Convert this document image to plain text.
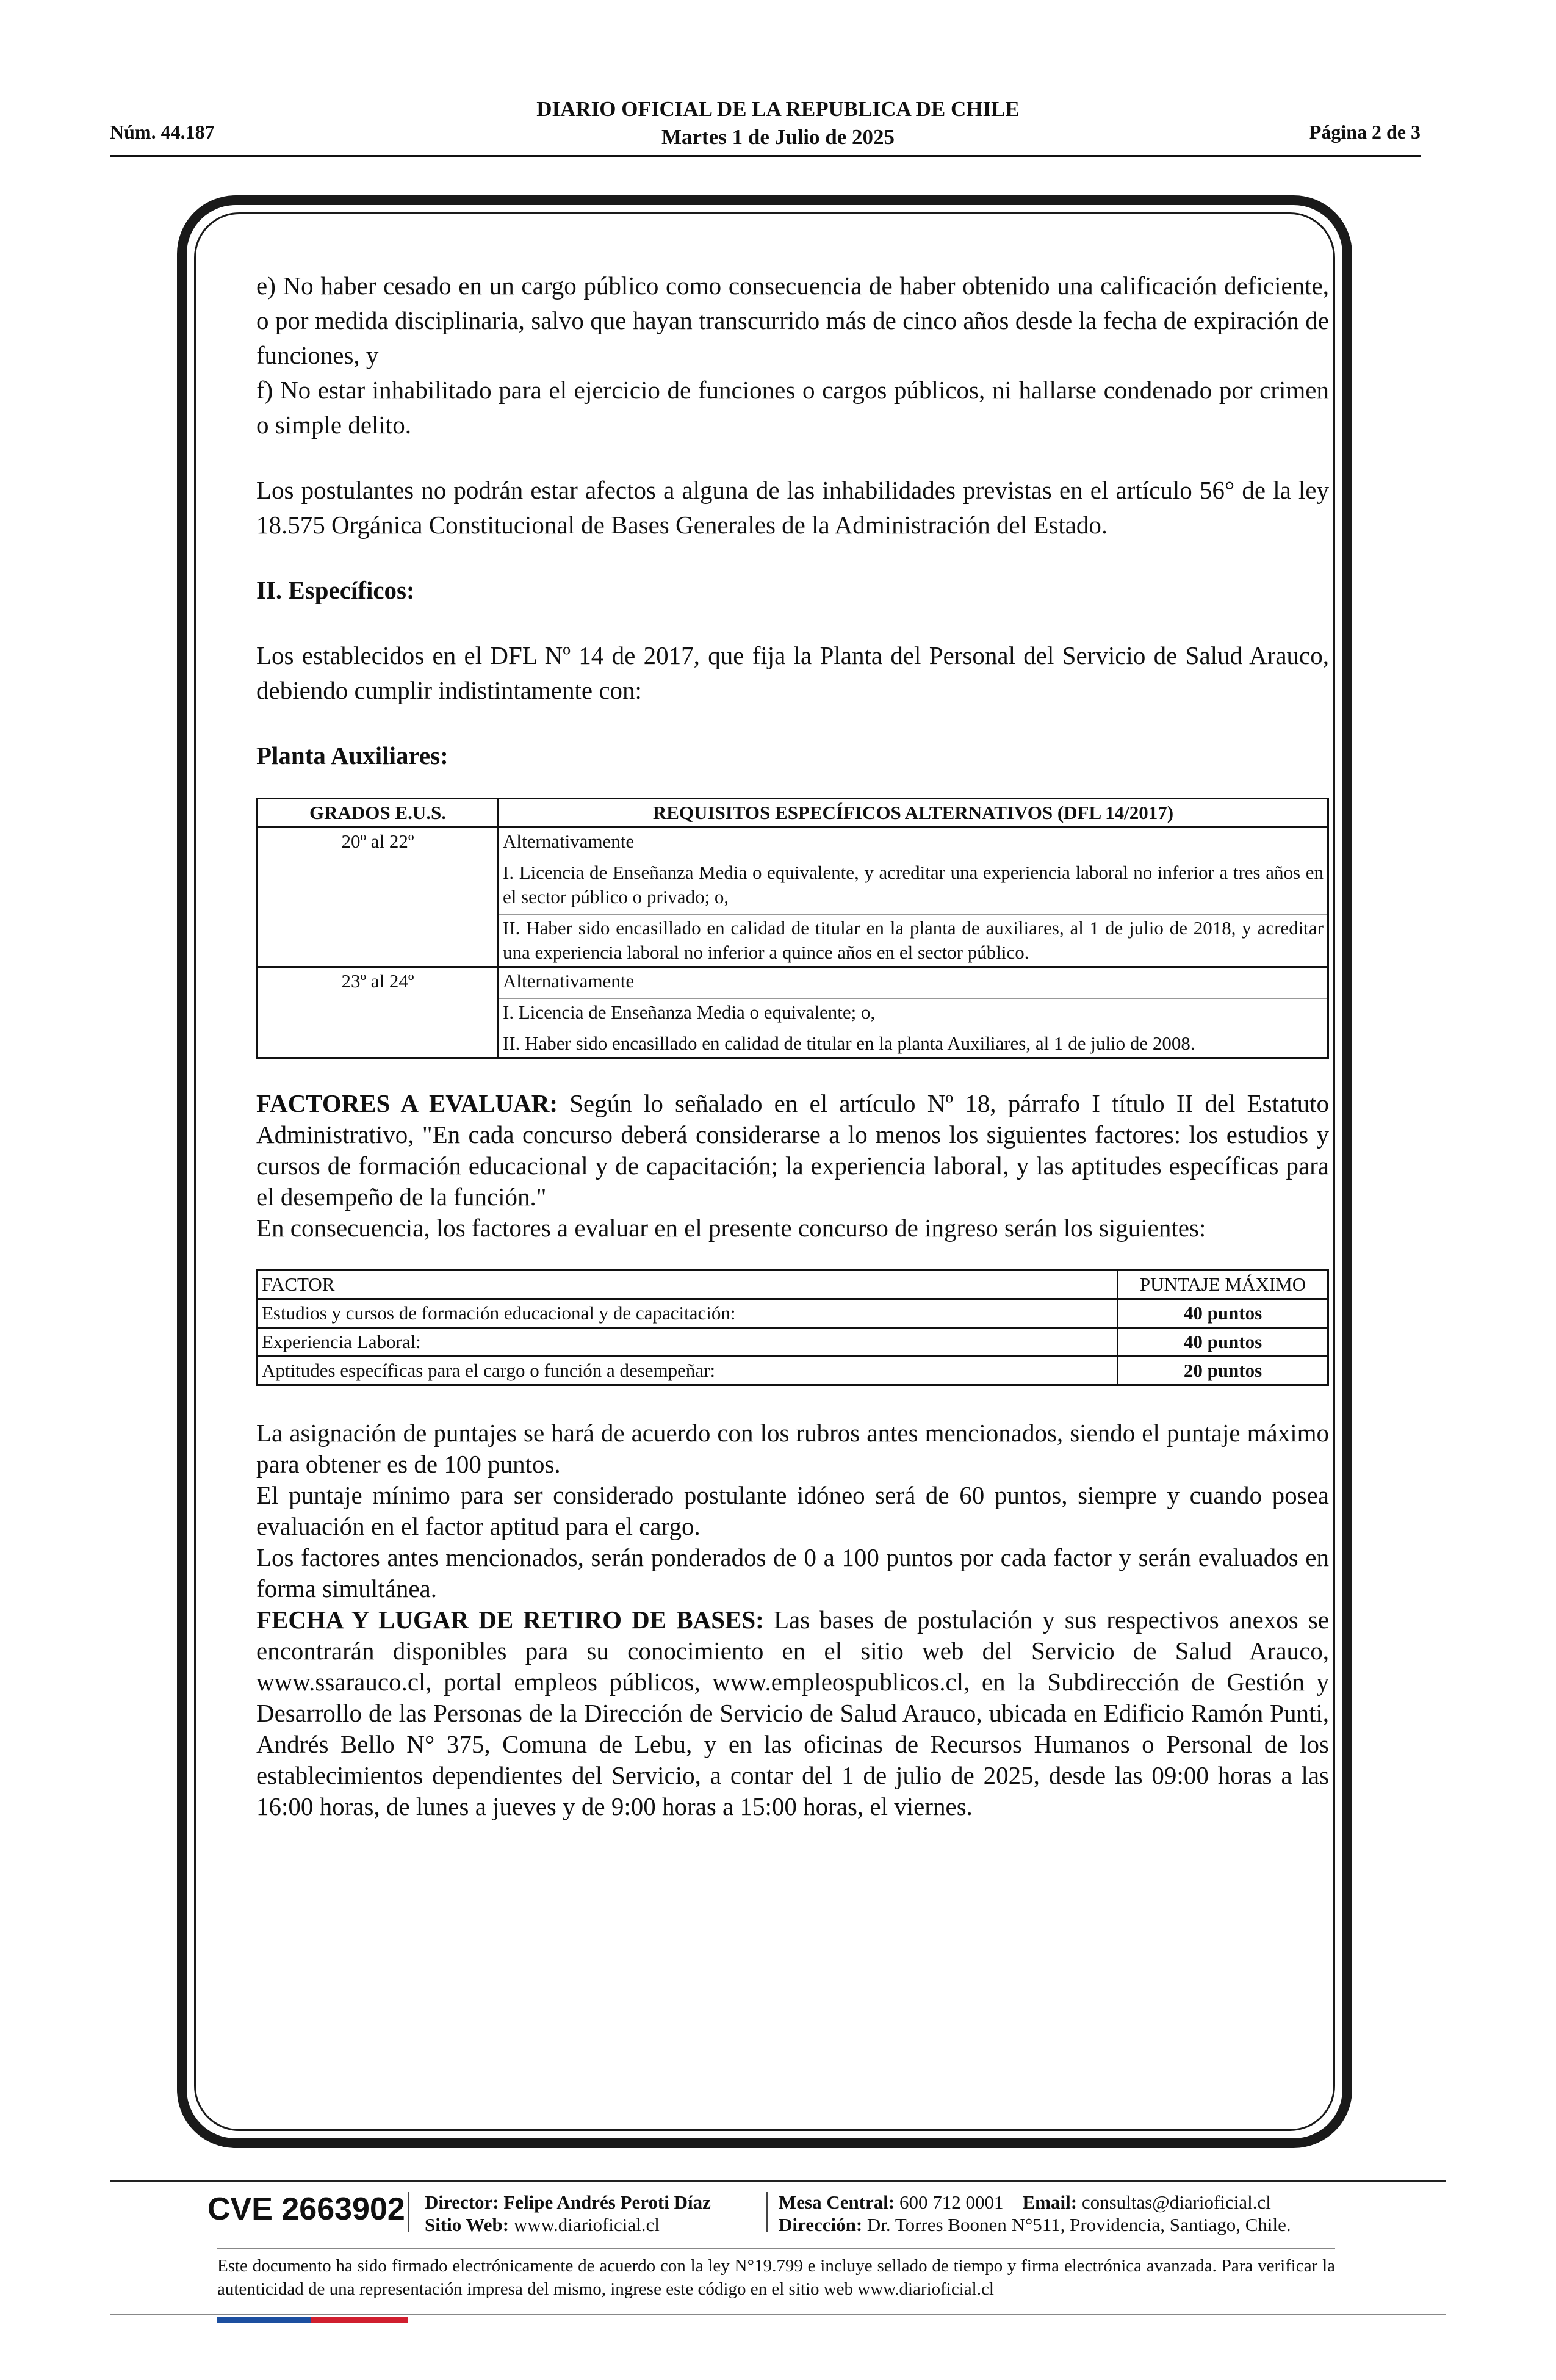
Núm. 44.187
DIARIO OFICIAL DE LA REPUBLICA DE CHILE
Martes 1 de Julio de 2025	Página 2 de 3

e) No haber cesado en un cargo público como consecuencia de haber obtenido una calificación deficiente, o por medida disciplinaria, salvo que hayan transcurrido más de cinco años desde la fecha de expiración de funciones, y

f) No estar inhabilitado para el ejercicio de funciones o cargos públicos, ni hallarse condenado por crimen o simple delito.

Los postulantes no podrán estar afectos a alguna de las inhabilidades previstas en el artículo 56° de la ley 18.575 Orgánica Constitucional de Bases Generales de la Administración del Estado.

II. Específicos:

Los establecidos en el DFL Nº 14 de 2017, que fija la Planta del Personal del Servicio de Salud Arauco, debiendo cumplir indistintamente con:

Planta Auxiliares:

GRADOS E.U.S.	REQUISITOS ESPECÍFICOS ALTERNATIVOS (DFL 14/2017)
20º al 22º	Alternativamente
I. Licencia de Enseñanza Media o equivalente, y acreditar una experiencia laboral no inferior a tres años en el sector público o privado; o,
II. Haber sido encasillado en calidad de titular en la planta de auxiliares, al 1 de julio de 2018, y acreditar una experiencia laboral no inferior a quince años en el sector público.

23º al 24º	Alternativamente
I. Licencia de Enseñanza Media o equivalente; o,
II. Haber sido encasillado en calidad de titular en la planta Auxiliares, al 1 de julio de 2008.

FACTORES A EVALUAR: Según lo señalado en el artículo Nº 18, párrafo I título II del Estatuto Administrativo, "En cada concurso deberá considerarse a lo menos los siguientes factores: los estudios y cursos de formación educacional y de capacitación; la experiencia laboral, y las aptitudes específicas para el desempeño de la función."

En consecuencia, los factores a evaluar en el presente concurso de ingreso serán los siguientes:

FACTOR	PUNTAJE MÁXIMO
Estudios y cursos de formación educacional y de capacitación:	40 puntos
Experiencia Laboral:	40 puntos
Aptitudes específicas para el cargo o función a desempeñar:	20 puntos

La asignación de puntajes se hará de acuerdo con los rubros antes mencionados, siendo el puntaje máximo para obtener es de 100 puntos.

El puntaje mínimo para ser considerado postulante idóneo será de 60 puntos, siempre y cuando posea evaluación en el factor aptitud para el cargo.

Los factores antes mencionados, serán ponderados de 0 a 100 puntos por cada factor y serán evaluados en forma simultánea.

FECHA Y LUGAR DE RETIRO DE BASES: Las bases de postulación y sus respectivos anexos se encontrarán disponibles para su conocimiento en el sitio web del Servicio de Salud Arauco, www.ssarauco.cl, portal empleos públicos, www.empleospublicos.cl, en la Subdirección de Gestión y Desarrollo de las Personas de la Dirección de Servicio de Salud Arauco, ubicada en Edificio Ramón Punti, Andrés Bello N° 375, Comuna de Lebu, y en las oficinas de Recursos Humanos o Personal de los establecimientos dependientes del Servicio, a contar del 1 de julio de 2025, desde las 09:00 horas a las 16:00 horas, de lunes a jueves y de 9:00 horas a 15:00 horas, el viernes.

CVE 2663902 Director: Felipe Andrés Peroti Díaz
Sitio Web: www.diarioficial.cl
Mesa Central: 600 712 0001 Email: consultas@diarioficial.cl
Dirección: Dr. Torres Boonen N°511, Providencia, Santiago, Chile.
Este documento ha sido firmado electrónicamente de acuerdo con la ley N°19.799 e incluye sellado de tiempo y firma electrónica avanzada. Para verificar la autenticidad de una representación impresa del mismo, ingrese este código en el sitio web www.diarioficial.cl
